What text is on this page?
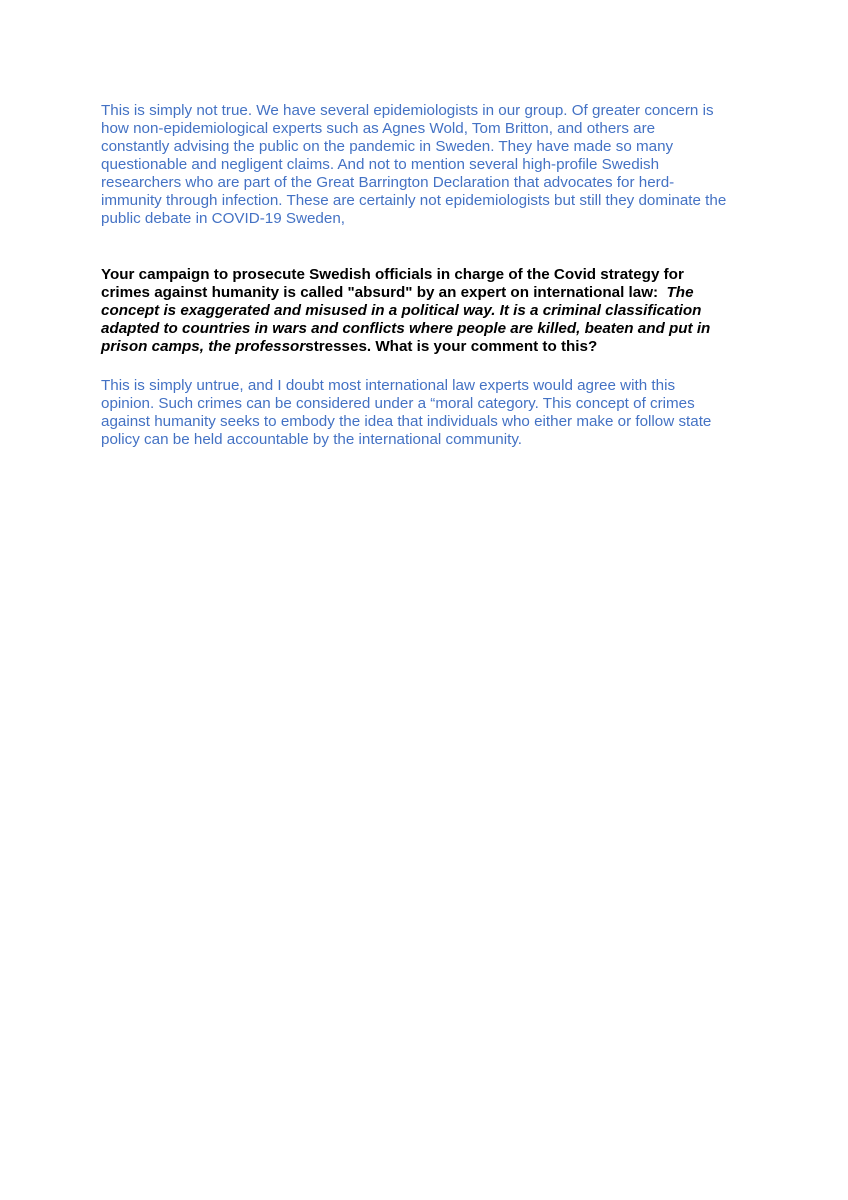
This is simply not true. We have several epidemiologists in our group. Of greater concern is
how non-epidemiological experts such as Agnes Wold, Tom Britton, and others are
constantly advising the public on the pandemic in Sweden. They have made so many
questionable and negligent claims. And not to mention several high-profile Swedish
researchers who are part of the Great Barrington Declaration that advocates for herd-
immunity through infection. These are certainly not epidemiologists but still they dominate the
public debate in COVID-19 Sweden,
Your campaign to prosecute Swedish officials in charge of the Covid strategy for
crimes against humanity is called "absurd" by an expert on international law:  The
concept is exaggerated and misused in a political way. It is a criminal classification
adapted to countries in wars and conflicts where people are killed, beaten and put in
prison camps, the professorstresses. What is your comment to this?
This is simply untrue, and I doubt most international law experts would agree with this
opinion. Such crimes can be considered under a “moral category. This concept of crimes
against humanity seeks to embody the idea that individuals who either make or follow state
policy can be held accountable by the international community.
